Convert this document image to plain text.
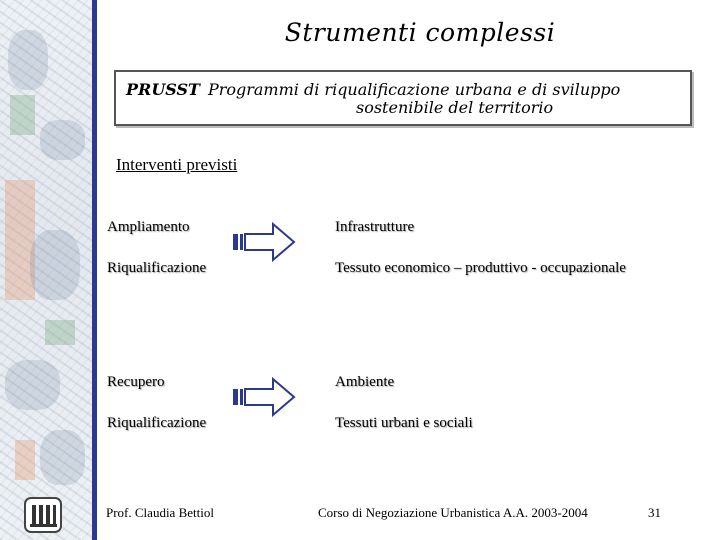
Strumenti complessi
PRUSST Programmi di riqualificazione urbana e di sviluppo
sostenibile del territorio
Interventi previsti
Ampliamento	Infrastrutture
Riqualificazione	Tessuto economico – produttivo - occupazionale
Recupero	Ambiente
Riqualificazione	Tessuti urbani e sociali
Prof. Claudia Bettiol	Corso di Negoziazione Urbanistica A.A. 2003-2004	31
